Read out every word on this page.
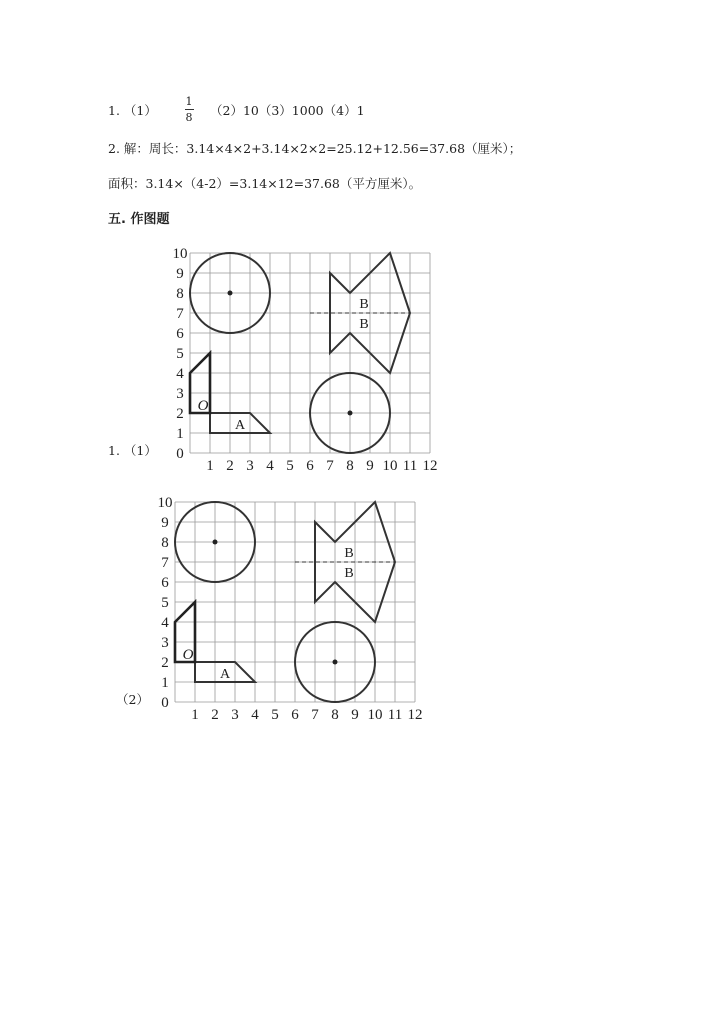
1. （1）
1
8 （2）10（3）1000（4）1
2. 解：周长：3.14×4×2+3.14×2×2=25.12+12.56=37.68（厘米）；
面积：3.14×（4-2）=3.14×12=37.68（平方厘米）。
五. 作图题
1. （1）
（2）
0
1
2
3
4
5
6
7
8
9
10
1 2 3 4 5 6 7 8 9 10 11 12
O
A
B
B
0
1
2
3
4
5
6
7
8
9
10
1 2 3 4 5 6 7 8 9 10 11 12
O
A
B
B
